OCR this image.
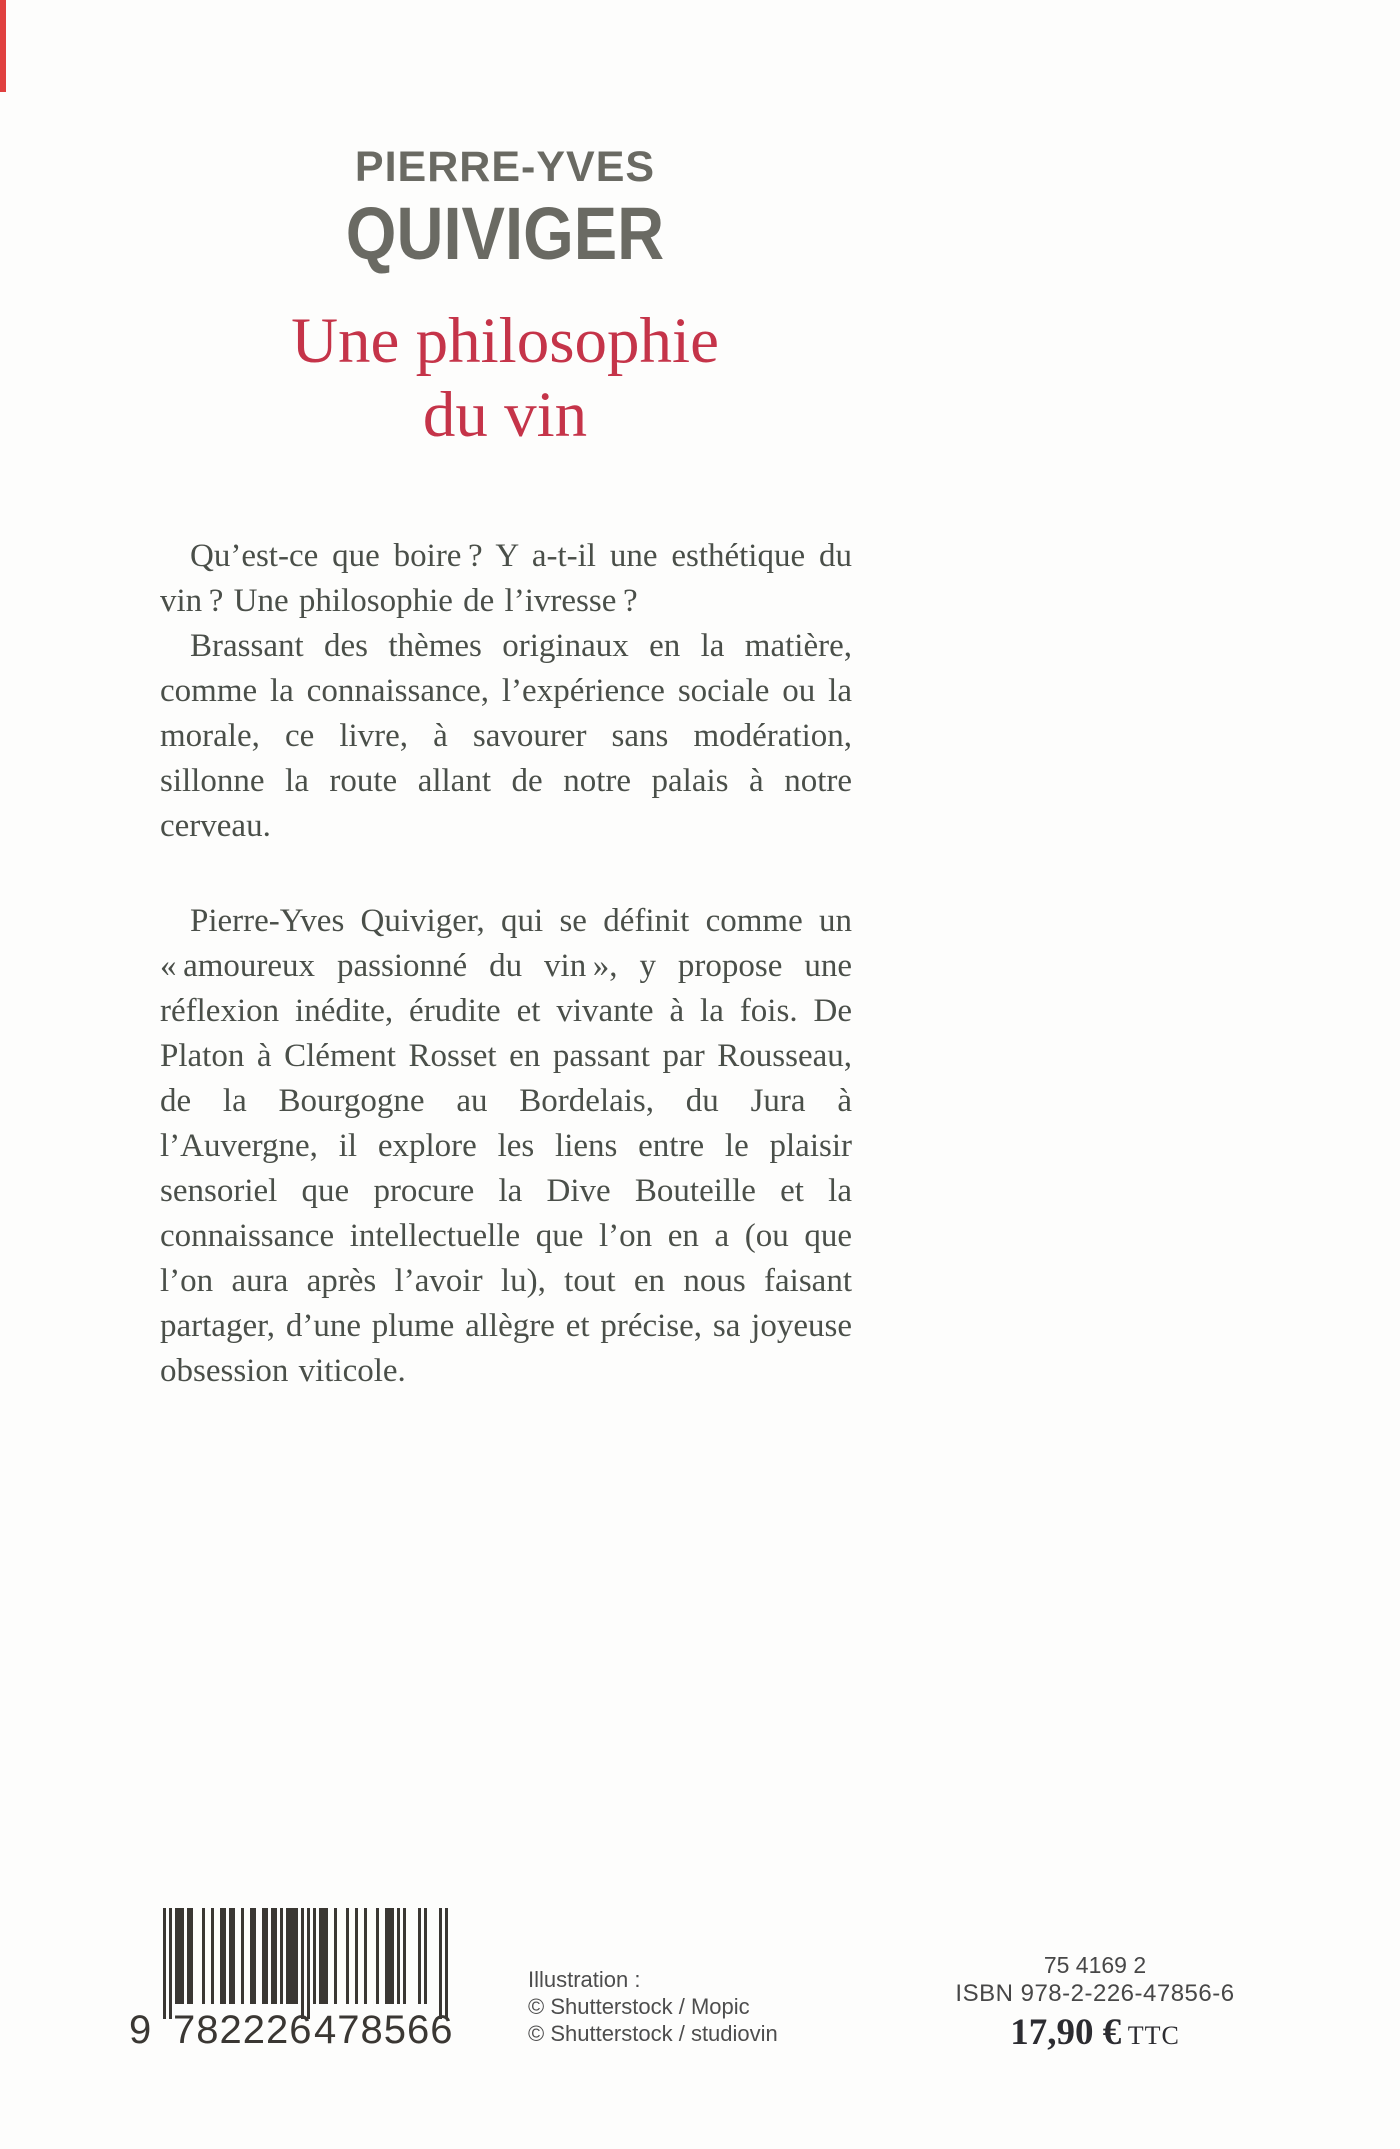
PIERRE-YVES
QUIVIGER
Une philosophie
du vin

Qu’est-ce que boire ? Y a-t-il une esthétique du vin ? Une philosophie de l’ivresse ?

Brassant des thèmes originaux en la matière, comme la connaissance, l’expérience sociale ou la morale, ce livre, à savourer sans modération, sillonne la route allant de notre palais à notre cerveau.

Pierre-Yves Quiviger, qui se définit comme un « amoureux passionné du vin », y propose une réflexion inédite, érudite et vivante à la fois. De Platon à Clément Rosset en passant par Rousseau, de la Bourgogne au Bordelais, du Jura à l’Auvergne, il explore les liens entre le plaisir sensoriel que procure la Dive Bouteille et la connaissance intellectuelle que l’on en a (ou que l’on aura après l’avoir lu), tout en nous faisant partager, d’une plume allègre et précise, sa joyeuse obsession viticole.

9 782226 478566
Illustration :
© Shutterstock / Mopic
© Shutterstock / studiovin
75 4169 2
ISBN 978-2-226-47856-6
17,90 € TTC
